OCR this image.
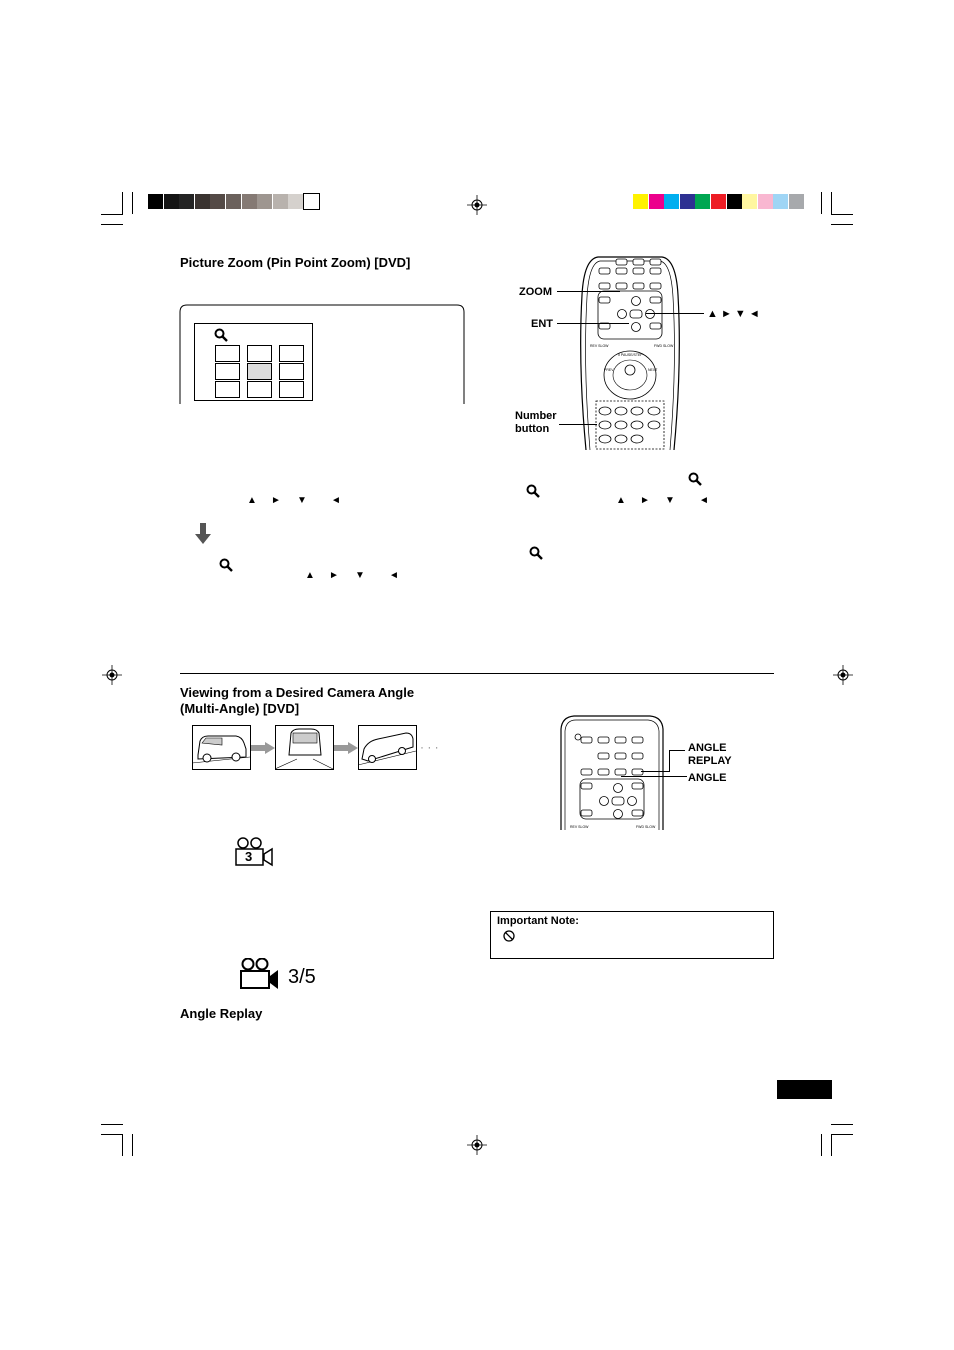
Picture Zoom (Pin Point Zoom) [DVD]
▲ ► ▼ ◄
▲ ► ▼ ◄
REV SLOW	FWD SLOW
II PAUSE/STEP
PREV	NEXT
ZOOM
ENT
▲ ► ▼ ◄
Number
button
▲ ► ▼ ◄
Viewing from a Desired Camera Angle
(Multi-Angle) [DVD]
· · ·
3
3/5
Angle Replay
REV SLOW	FWD SLOW
ANGLE
REPLAY
ANGLE
Important Note:
